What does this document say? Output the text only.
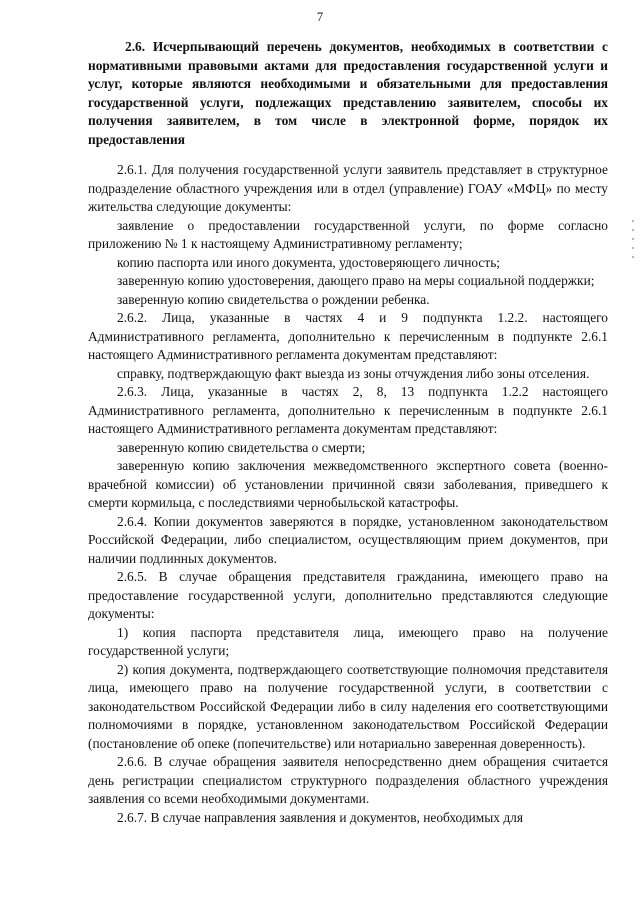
7
2.6. Исчерпывающий перечень документов, необходимых в соответствии с нормативными правовыми актами для предоставления государственной услуги и услуг, которые являются необходимыми и обязательными для предоставления государственной услуги, подлежащих представлению заявителем, способы их получения заявителем, в том числе в электронной форме, порядок их предоставления

2.6.1. Для получения государственной услуги заявитель представляет в структурное подразделение областного учреждения или в отдел (управление) ГОАУ «МФЦ» по месту жительства следующие документы:

заявление о предоставлении государственной услуги, по форме согласно приложению № 1 к настоящему Административному регламенту;

копию паспорта или иного документа, удостоверяющего личность;

заверенную копию удостоверения, дающего право на меры социальной поддержки;

заверенную копию свидетельства о рождении ребенка.

2.6.2. Лица, указанные в частях 4 и 9 подпункта 1.2.2. настоящего Административного регламента, дополнительно к перечисленным в подпункте 2.6.1 настоящего Административного регламента документам представляют:

справку, подтверждающую факт выезда из зоны отчуждения либо зоны отселения.

2.6.3. Лица, указанные в частях 2, 8, 13 подпункта 1.2.2 настоящего Административного регламента, дополнительно к перечисленным в подпункте 2.6.1 настоящего Административного регламента документам представляют:

заверенную копию свидетельства о смерти;

заверенную копию заключения межведомственного экспертного совета (военно-врачебной комиссии) об установлении причинной связи заболевания, приведшего к смерти кормильца, с последствиями чернобыльской катастрофы.

2.6.4. Копии документов заверяются в порядке, установленном законодательством Российской Федерации, либо специалистом, осуществляющим прием документов, при наличии подлинных документов.

2.6.5. В случае обращения представителя гражданина, имеющего право на предоставление государственной услуги, дополнительно представляются следующие документы:

1) копия паспорта представителя лица, имеющего право на получение государственной услуги;

2) копия документа, подтверждающего соответствующие полномочия представителя лица, имеющего право на получение государственной услуги, в соответствии с законодательством Российской Федерации либо в силу наделения его соответствующими полномочиями в порядке, установленном законодательством Российской Федерации (постановление об опеке (попечительстве) или нотариально заверенная доверенность).

2.6.6. В случае обращения заявителя непосредственно днем обращения считается день регистрации специалистом структурного подразделения областного учреждения заявления со всеми необходимыми документами.

2.6.7. В случае направления заявления и документов, необходимых для
